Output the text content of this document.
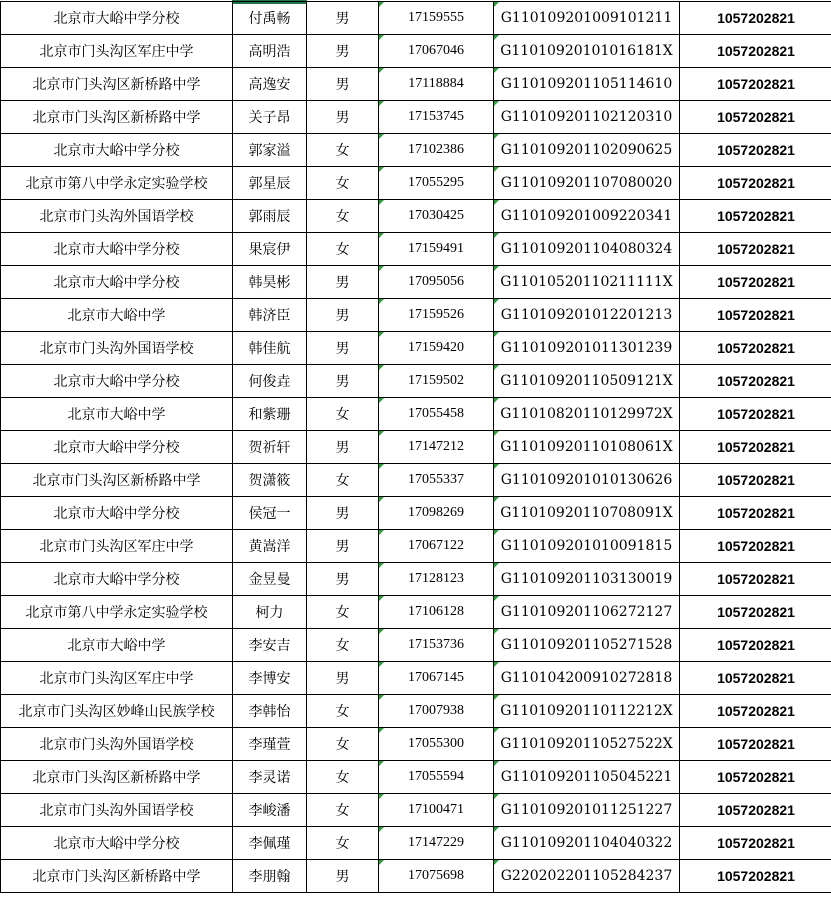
北京市大峪中学分校	付禹畅	男	17159555	G110109201009101211	1057202821
北京市门头沟区军庄中学	高明浩	男	17067046	G11010920101016181X	1057202821
北京市门头沟区新桥路中学	高逸安	男	17118884	G110109201105114610	1057202821
北京市门头沟区新桥路中学	关子昂	男	17153745	G110109201102120310	1057202821
北京市大峪中学分校	郭家溢	女	17102386	G110109201102090625	1057202821
北京市第八中学永定实验学校	郭星辰	女	17055295	G110109201107080020	1057202821
北京市门头沟外国语学校	郭雨辰	女	17030425	G110109201009220341	1057202821
北京市大峪中学分校	果宸伊	女	17159491	G110109201104080324	1057202821
北京市大峪中学分校	韩昊彬	男	17095056	G11010520110211111X	1057202821
北京市大峪中学	韩济臣	男	17159526	G110109201012201213	1057202821
北京市门头沟外国语学校	韩佳航	男	17159420	G110109201011301239	1057202821
北京市大峪中学分校	何俊垚	男	17159502	G11010920110509121X	1057202821
北京市大峪中学	和紫珊	女	17055458	G11010820110129972X	1057202821
北京市大峪中学分校	贺祈轩	男	17147212	G11010920110108061X	1057202821
北京市门头沟区新桥路中学	贺潇筱	女	17055337	G110109201010130626	1057202821
北京市大峪中学分校	侯冠一	男	17098269	G11010920110708091X	1057202821
北京市门头沟区军庄中学	黄嵩洋	男	17067122	G110109201010091815	1057202821
北京市大峪中学分校	金昱曼	男	17128123	G110109201103130019	1057202821
北京市第八中学永定实验学校	柯力	女	17106128	G110109201106272127	1057202821
北京市大峪中学	李安吉	女	17153736	G110109201105271528	1057202821
北京市门头沟区军庄中学	李博安	男	17067145	G110104200910272818	1057202821
北京市门头沟区妙峰山民族学校	李韩怡	女	17007938	G11010920110112212X	1057202821
北京市门头沟外国语学校	李瑾萱	女	17055300	G11010920110527522X	1057202821
北京市门头沟区新桥路中学	李灵诺	女	17055594	G110109201105045221	1057202821
北京市门头沟外国语学校	李峻潘	女	17100471	G110109201011251227	1057202821
北京市大峪中学分校	李佩瑾	女	17147229	G110109201104040322	1057202821
北京市门头沟区新桥路中学	李朋翰	男	17075698	G220202201105284237	1057202821
